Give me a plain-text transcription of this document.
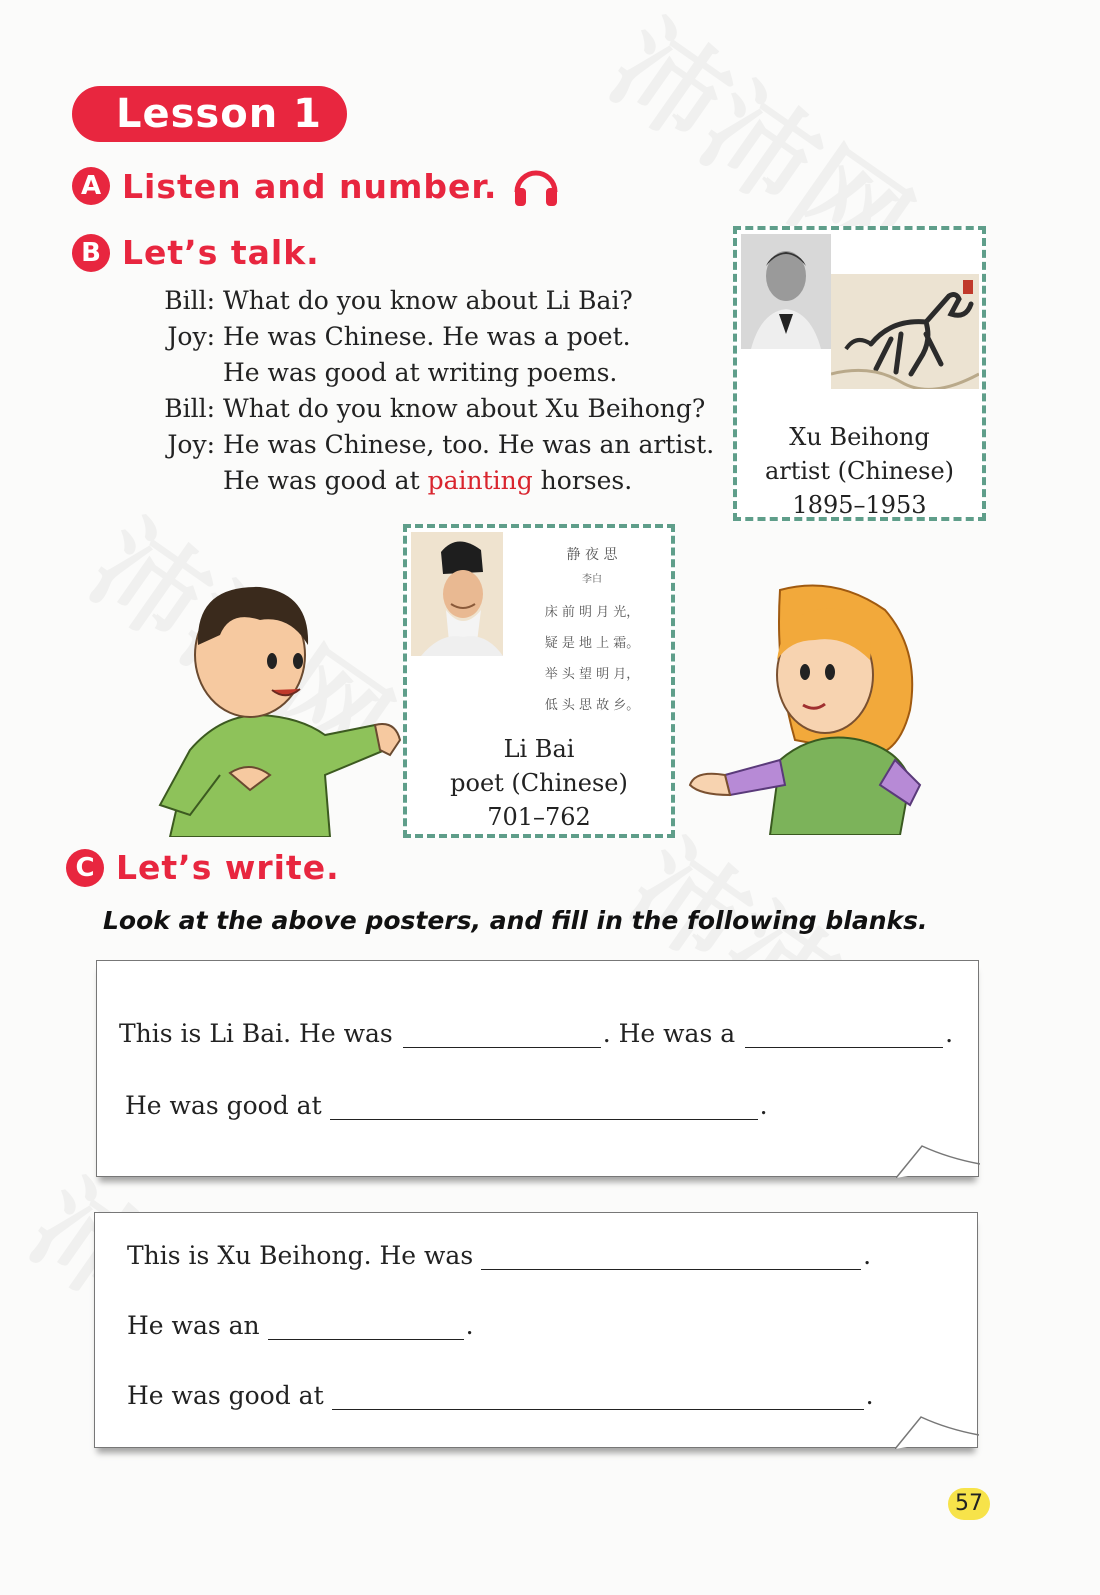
Lesson 1
A Listen and number.
B Let’s talk.
Bill: What do you know about Li Bai?
Joy: He was Chinese. He was a poet.
He was good at writing poems.
Bill: What do you know about Xu Beihong?
Joy: He was Chinese, too. He was an artist.
He was good at painting horses.
Xu Beihong
artist (Chinese)
1895–1953
静 夜 思
李白
床 前 明 月 光，
疑 是 地 上 霜。
举 头 望 明 月，
低 头 思 故 乡。
Li Bai
poet (Chinese)
701–762
C Let’s write.
Look at the above posters, and fill in the following blanks.
This is Li Bai. He was	. He was a	.
He was good at	.
This is Xu Beihong. He was	.
He was an	.
He was good at	.
57
